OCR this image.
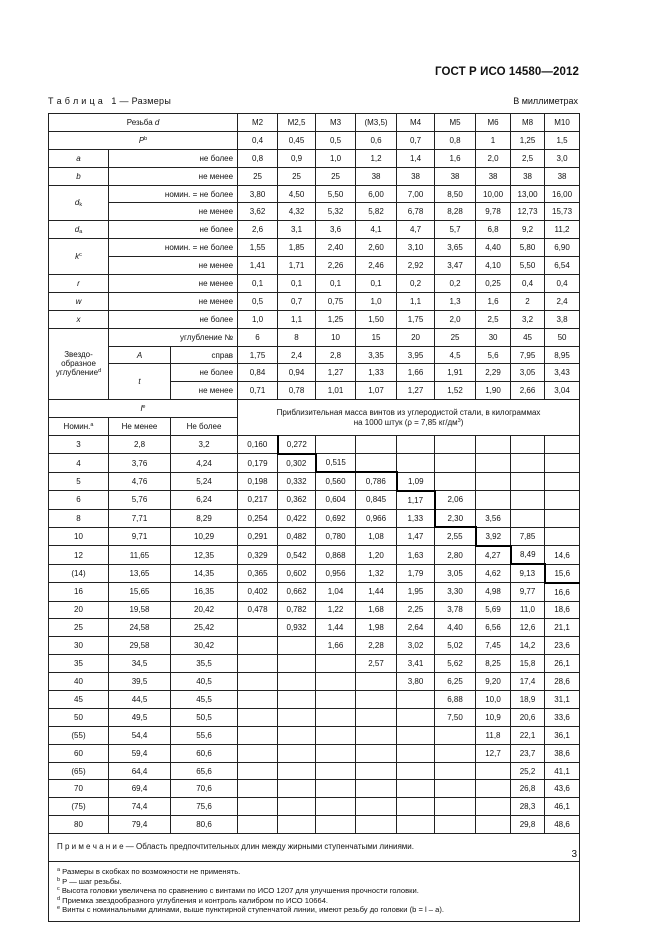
ГОСТ Р ИСО 14580—2012
Т а б л и ц а   1 — Размеры	В миллиметрах
Резьба d			M2	M2,5	M3	(M3,5)	M4	M5	M6	M8	M10
$P^b$			0,4	0,45	0,5	0,6	0,7	0,8	1	1,25	1,5
a	не более		0,8	0,9	1,0	1,2	1,4	1,6	2,0	2,5	3,0
b	не менее		25	25	25	38	38	38	38	38	38
$d_k$	номин. = не более		3,80	4,50	5,50	6,00	7,00	8,50	10,00	13,00	16,00
	не менее		3,62	4,32	5,32	5,82	6,78	8,28	9,78	12,73	15,73
$d_a$	не более		2,6	3,1	3,6	4,1	4,7	5,7	6,8	9,2	11,2
$k^c$	номин. = не более		1,55	1,85	2,40	2,60	3,10	3,65	4,40	5,80	6,90
	не менее		1,41	1,71	2,26	2,46	2,92	3,47	4,10	5,50	6,54
r	не менее		0,1	0,1	0,1	0,1	0,2	0,2	0,25	0,4	0,4
w	не менее		0,5	0,7	0,75	1,0	1,1	1,3	1,6	2	2,4
x	не более		1,0	1,1	1,25	1,50	1,75	2,0	2,5	3,2	3,8
Звездо-
образное
углубление$^d$	углубление №		6	8	10	15	20	25	30	45	50
	A	справ	1,75	2,4	2,8	3,35	3,95	4,5	5,6	7,95	8,95
	t	не более	0,84	0,94	1,27	1,33	1,66	1,91	2,29	3,05	3,43
		не менее	0,71	0,78	1,01	1,07	1,27	1,52	1,90	2,66	3,04
$l^e$			Приблизительная масса винтов из углеродистой стали, в килограммах
на 1000 штук (ρ = 7,85 $кг/дм^3$)								
Номин.$^a$	Не менее	Не более									
3	2,8	3,2	0,160	0,272							
4	3,76	4,24	0,179	0,302	0,515						
5	4,76	5,24	0,198	0,332	0,560	0,786	1,09				
6	5,76	6,24	0,217	0,362	0,604	0,845	1,17	2,06			
8	7,71	8,29	0,254	0,422	0,692	0,966	1,33	2,30	3,56		
10	9,71	10,29	0,291	0,482	0,780	1,08	1,47	2,55	3,92	7,85	
12	11,65	12,35	0,329	0,542	0,868	1,20	1,63	2,80	4,27	8,49	14,6
(14)	13,65	14,35	0,365	0,602	0,956	1,32	1,79	3,05	4,62	9,13	15,6
16	15,65	16,35	0,402	0,662	1,04	1,44	1,95	3,30	4,98	9,77	16,6
20	19,58	20,42	0,478	0,782	1,22	1,68	2,25	3,78	5,69	11,0	18,6
25	24,58	25,42		0,932	1,44	1,98	2,64	4,40	6,56	12,6	21,1
30	29,58	30,42			1,66	2,28	3,02	5,02	7,45	14,2	23,6
35	34,5	35,5				2,57	3,41	5,62	8,25	15,8	26,1
40	39,5	40,5					3,80	6,25	9,20	17,4	28,6
45	44,5	45,5						6,88	10,0	18,9	31,1
50	49,5	50,5						7,50	10,9	20,6	33,6
(55)	54,4	55,6							11,8	22,1	36,1
60	59,4	60,6							12,7	23,7	38,6
(65)	64,4	65,6								25,2	41,1
70	69,4	70,6								26,8	43,6
(75)	74,4	75,6								28,3	46,1
80	79,4	80,6								29,8	48,6
П р и м е ч а н и е — Область предпочтительных длин между жирными ступенчатыми линиями.											

$^a$ Размеры в скобках по возможности не применять.
$^b$ P — шаг резьбы.
$^c$ Высота головки увеличена по сравнению с винтами по ИСО 1207 для улучшения прочности головки.
$^d$ Приемка звездообразного углубления и контроль калибром по ИСО 10664.
$^e$ Винты с номинальными длинами, выше пунктирной ступенчатой линии, имеют резьбу до головки (b = l – a).											
3
